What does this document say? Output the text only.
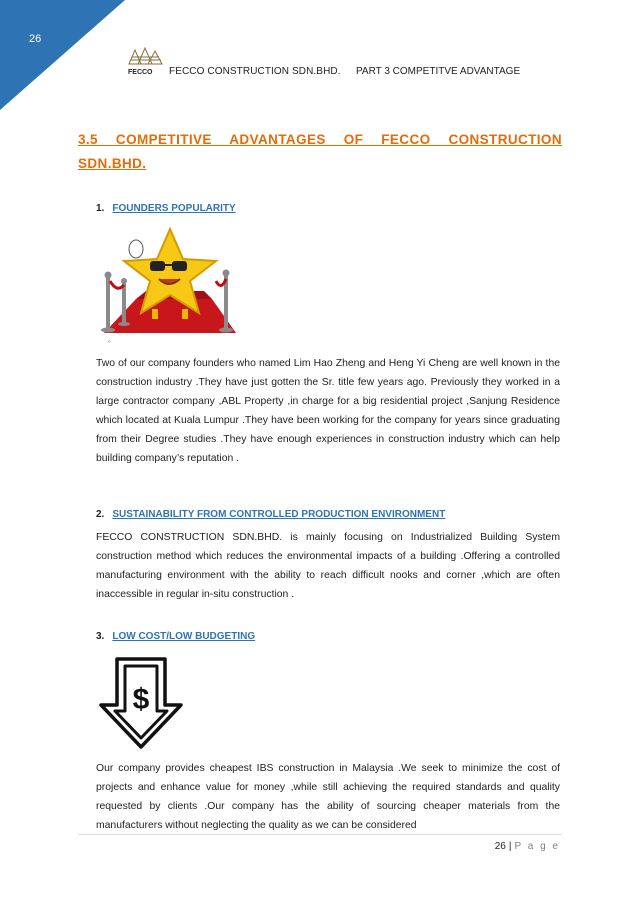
26
FECCO FECCO CONSTRUCTION SDN.BHD. PART 3 COMPETITVE ADVANTAGE
3.5 COMPETITIVE ADVANTAGES OF FECCO CONSTRUCTION SDN.BHD.
1. FOUNDERS POPULARITY
©
Two of our company founders who named Lim Hao Zheng and Heng Yi Cheng are well known in the construction industry .They have just gotten the Sr. title few years ago. Previously they worked in a large contractor company ,ABL Property ,in charge for a big residential project ,Sanjung Residence which located at Kuala Lumpur .They have been working for the company for years since graduating from their Degree studies .They have enough experiences in construction industry which can help building company’s reputation .
2. SUSTAINABILITY FROM CONTROLLED PRODUCTION ENVIRONMENT
FECCO CONSTRUCTION SDN.BHD. is mainly focusing on Industrialized Building System construction method which reduces the environmental impacts of a building .Offering a controlled manufacturing environment with the ability to reach difficult nooks and corner ,which are often inaccessible in regular in-situ construction .
3. LOW COST/LOW BUDGETING
$
Our company provides cheapest IBS construction in Malaysia .We seek to minimize the cost of projects and enhance value for money ,while still achieving the required standards and quality requested by clients .Our company has the ability of sourcing cheaper materials from the manufacturers without neglecting the quality as we can be considered
26 | P a g e
